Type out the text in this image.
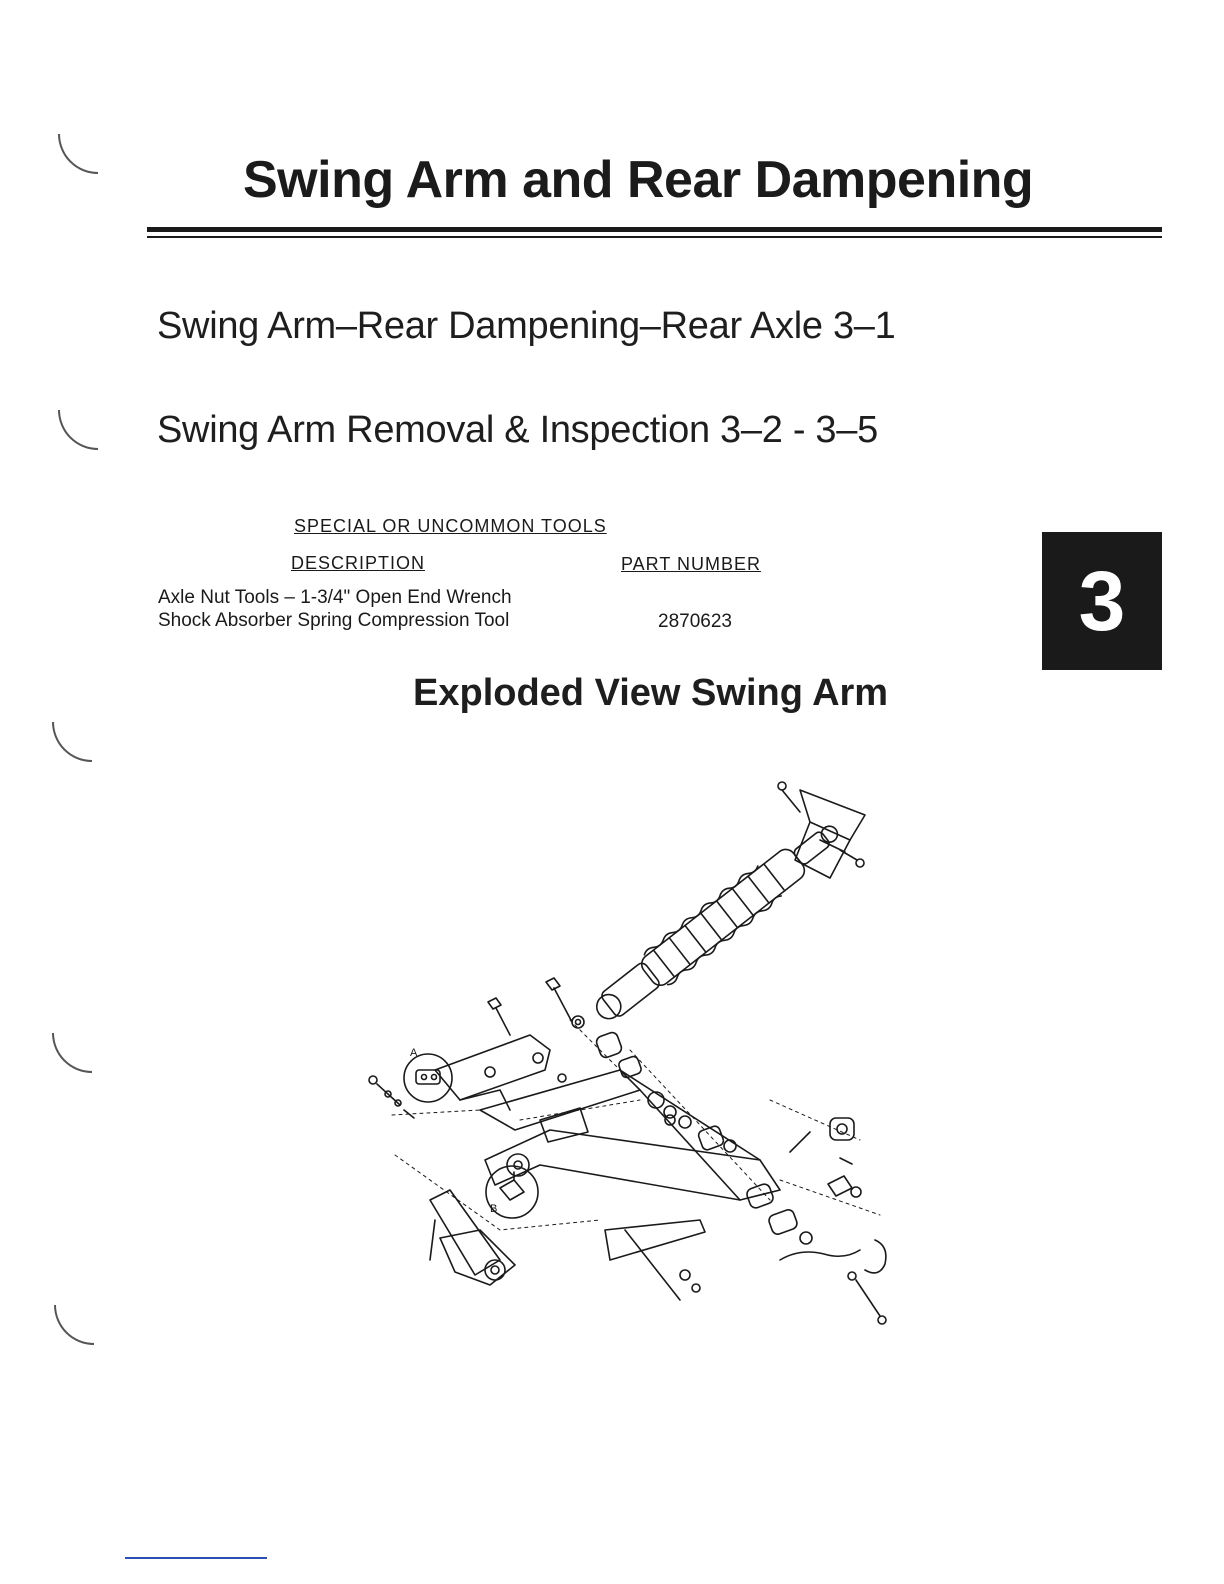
Swing Arm and Rear Dampening
Swing Arm–Rear Dampening–Rear Axle 3–1
Swing Arm Removal & Inspection 3–2 - 3–5
SPECIAL OR UNCOMMON TOOLS
DESCRIPTION	PART NUMBER
Axle Nut Tools – 1-3/4" Open End Wrench
Shock Absorber Spring Compression Tool	2870623	3
Exploded View Swing Arm
A
B
